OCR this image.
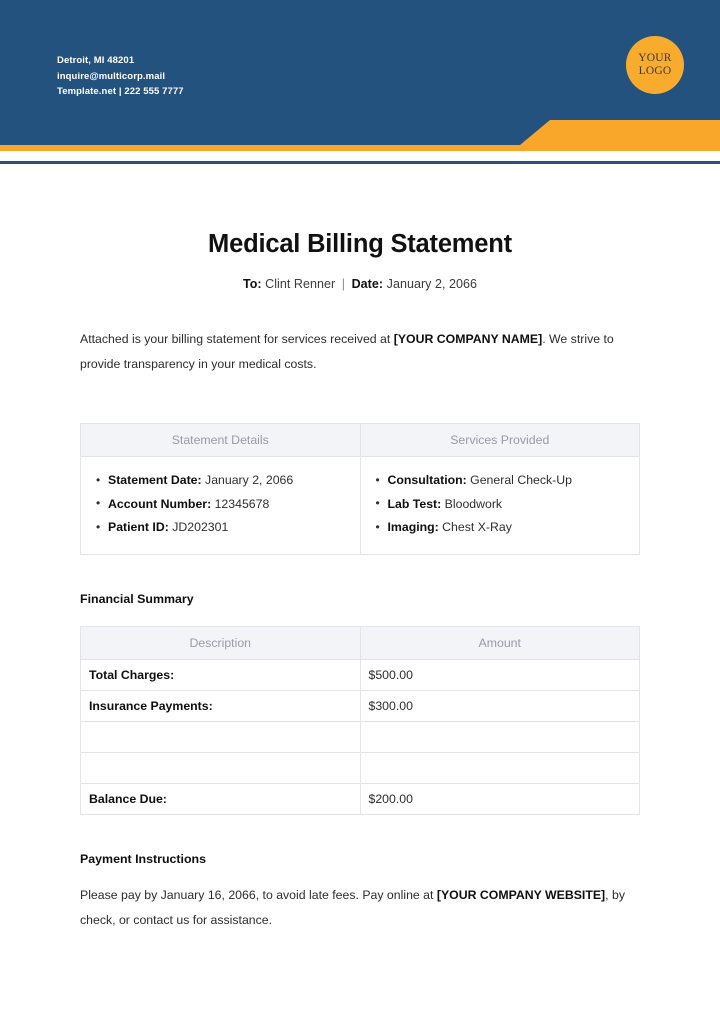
Detroit, MI 48201
inquire@multicorp.mail
Template.net | 222 555 7777
YOUR
LOGO
Medical Billing Statement
To: Clint Renner | Date: January 2, 2066
Attached is your billing statement for services received at [YOUR COMPANY NAME]. We strive to provide transparency in your medical costs.
Statement Details	Services Provided

• Statement Date: January 2, 2066
• Account Number: 12345678
• Patient ID: JD202301

• Consultation: General Check-Up
• Lab Test: Bloodwork
• Imaging: Chest X-Ray
Financial Summary
Description	Amount
Total Charges:	$500.00
Insurance Payments:	$300.00

Balance Due:	$200.00
Payment Instructions
Please pay by January 16, 2066, to avoid late fees. Pay online at [YOUR COMPANY WEBSITE], by check, or contact us for assistance.
